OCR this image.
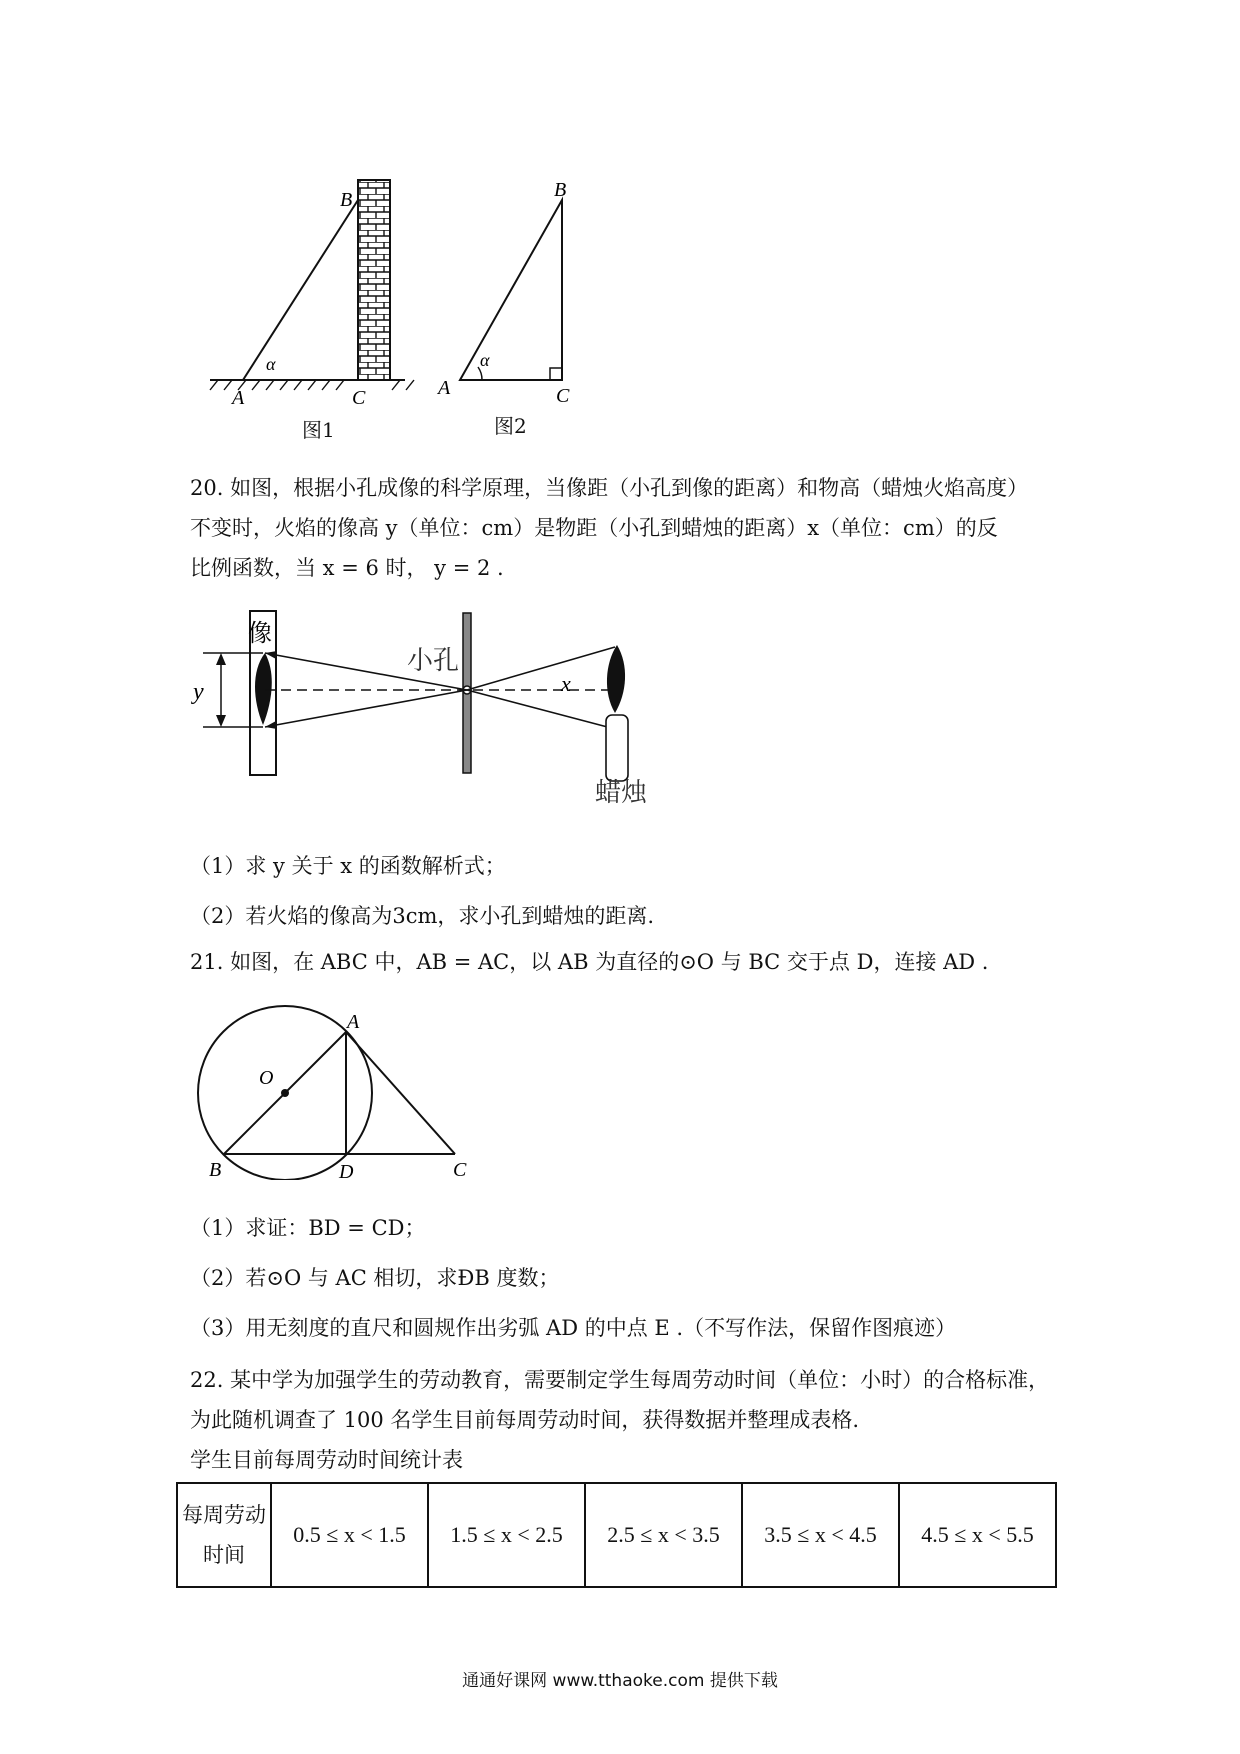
B
A	C
α
图1
B
A	C
α
图2
20. 如图，根据小孔成像的科学原理，当像距（小孔到像的距离）和物高（蜡烛火焰高度）
不变时，火焰的像高 y（单位：cm）是物距（小孔到蜡烛的距离）x（单位：cm）的反
比例函数，当 x = 6 时， y = 2 .
y	x
像
小孔
蜡烛
（1）求 y 关于 x 的函数解析式；
（2）若火焰的像高为3cm，求小孔到蜡烛的距离.
21. 如图，在 ABC 中，AB = AC，以 AB 为直径的⊙O 与 BC 交于点 D，连接 AD .
A
B	D	C
O
（1）求证：BD = CD；
（2）若⊙O 与 AC 相切，求ÐB 度数；
（3）用无刻度的直尺和圆规作出劣弧 AD 的中点 E .（不写作法，保留作图痕迹）
22. 某中学为加强学生的劳动教育，需要制定学生每周劳动时间（单位：小时）的合格标准，
为此随机调查了 100 名学生目前每周劳动时间，获得数据并整理成表格.
学生目前每周劳动时间统计表
每周劳动时间	0.5 ≤ x < 1.5	1.5 ≤ x < 2.5	2.5 ≤ x < 3.5	3.5 ≤ x < 4.5	4.5 ≤ x < 5.5
通通好课网 www.tthaoke.com 提供下载
